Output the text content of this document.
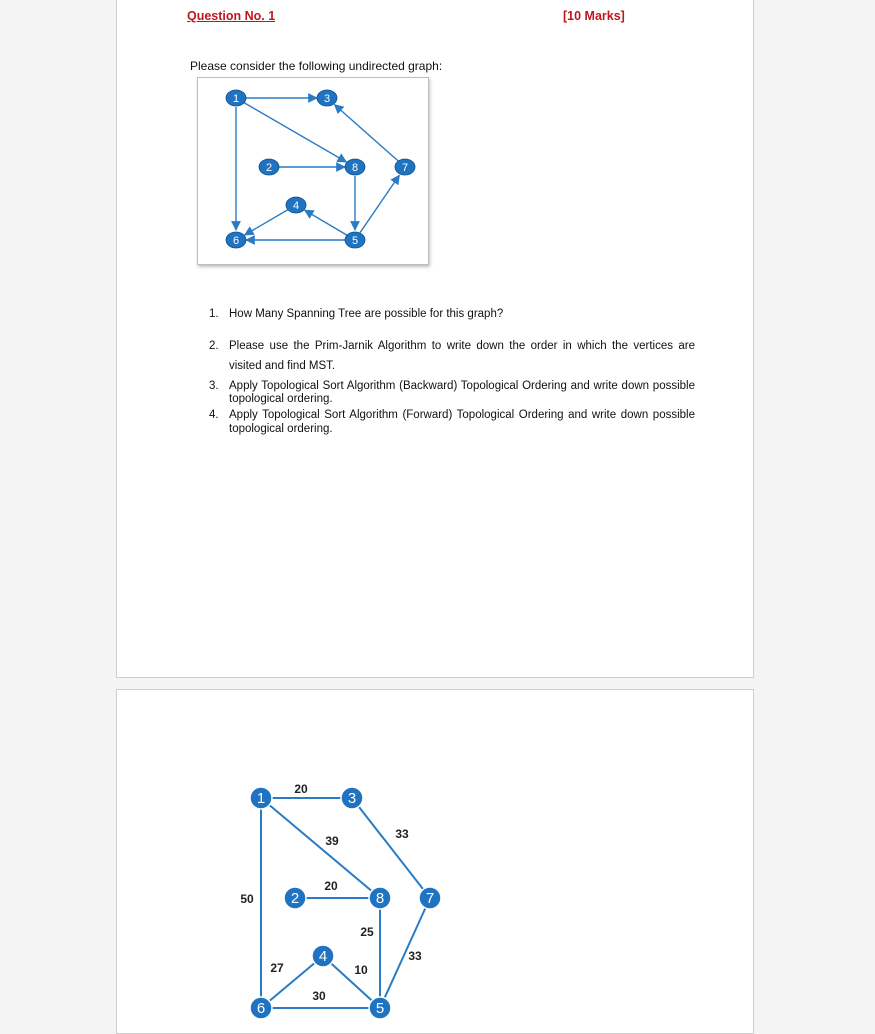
Question No. 1	[10 Marks]
Please consider the following undirected graph:
1	3
2	8	7
4
6	5
1. How Many Spanning Tree are possible for this graph?
2. Please use the Prim-Jarnik Algorithm to write down the order in which the vertices are visited and find MST.
3. Apply Topological Sort Algorithm (Backward) Topological Ordering and write down possible topological ordering.
4. Apply Topological Sort Algorithm (Forward) Topological Ordering and write down possible topological ordering.
20
39	33
50
20
25
33
27	10
30
1	3
2	8	7
4
6	5
